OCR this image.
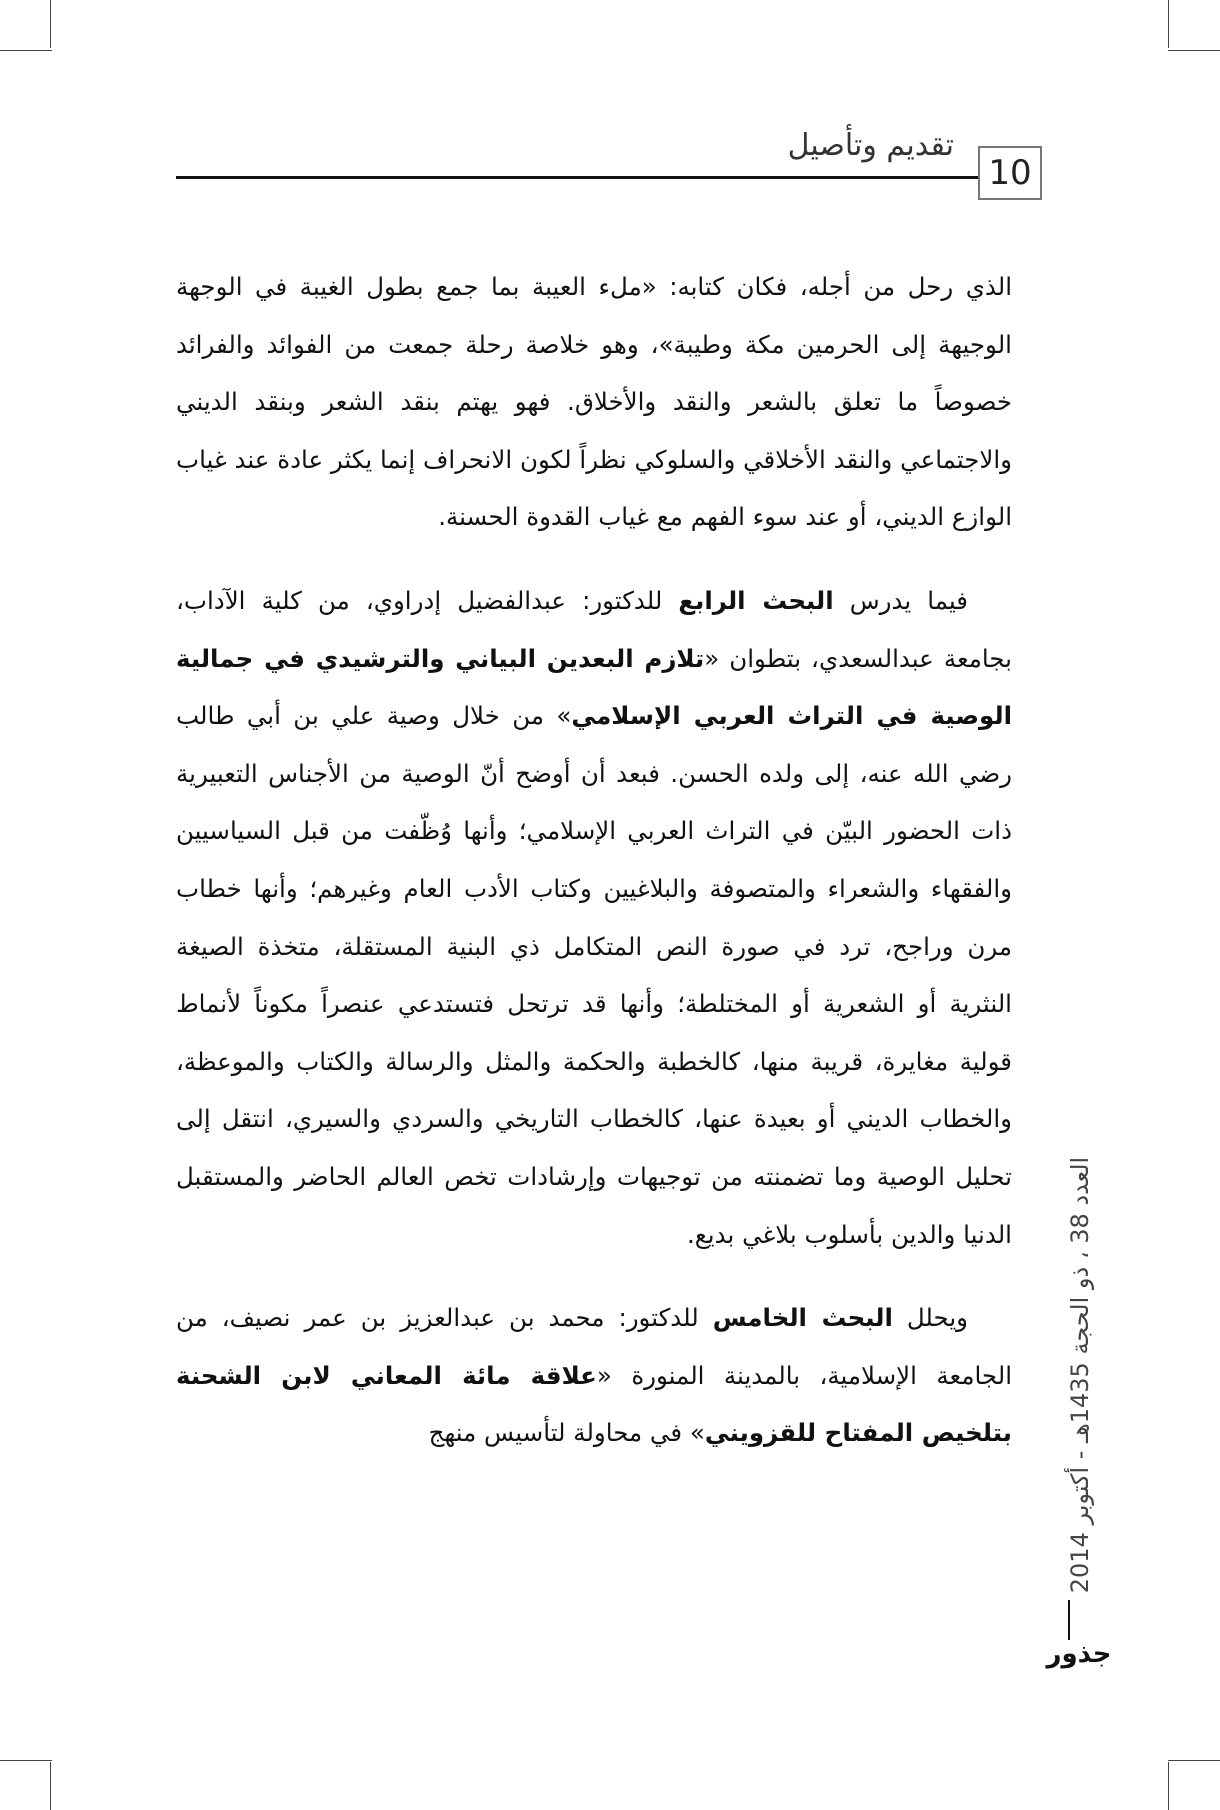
تقديم وتأصيل
10

الذي رحل من أجله، فكان كتابه: «ملء العيبة بما جمع بطول الغيبة في الوجهة الوجيهة إلى الحرمين مكة وطيبة»، وهو خلاصة رحلة جمعت من الفوائد والفرائد خصوصاً ما تعلق بالشعر والنقد والأخلاق. فهو يهتم بنقد الشعر وبنقد الديني والاجتماعي والنقد الأخلاقي والسلوكي نظراً لكون الانحراف إنما يكثر عادة عند غياب الوازع الديني، أو عند سوء الفهم مع غياب القدوة الحسنة.

فيما يدرس البحث الرابع للدكتور: عبدالفضيل إدراوي، من كلية الآداب، بجامعة عبدالسعدي، بتطوان «تلازم البعدين البياني والترشيدي في جمالية الوصية في التراث العربي الإسلامي» من خلال وصية علي بن أبي طالب رضي الله عنه، إلى ولده الحسن. فبعد أن أوضح أنّ الوصية من الأجناس التعبيرية ذات الحضور البيّن في التراث العربي الإسلامي؛ وأنها وُظّفت من قبل السياسيين والفقهاء والشعراء والمتصوفة والبلاغيين وكتاب الأدب العام وغيرهم؛ وأنها خطاب مرن وراجح، ترد في صورة النص المتكامل ذي البنية المستقلة، متخذة الصيغة النثرية أو الشعرية أو المختلطة؛ وأنها قد ترتحل فتستدعي عنصراً مكوناً لأنماط قولية مغايرة، قريبة منها، كالخطبة والحكمة والمثل والرسالة والكتاب والموعظة، والخطاب الديني أو بعيدة عنها، كالخطاب التاريخي والسردي والسيري، انتقل إلى تحليل الوصية وما تضمنته من توجيهات وإرشادات تخص العالم الحاضر والمستقبل الدنيا والدين بأسلوب بلاغي بديع.

ويحلل البحث الخامس للدكتور: محمد بن عبدالعزيز بن عمر نصيف، من الجامعة الإسلامية، بالمدينة المنورة «علاقة مائة المعاني لابن الشحنة بتلخيص المفتاح للقزويني» في محاولة لتأسيس منهج

العدد 38 ، ذو الحجة 1435هـ - أكتوبر 2014
جذور
